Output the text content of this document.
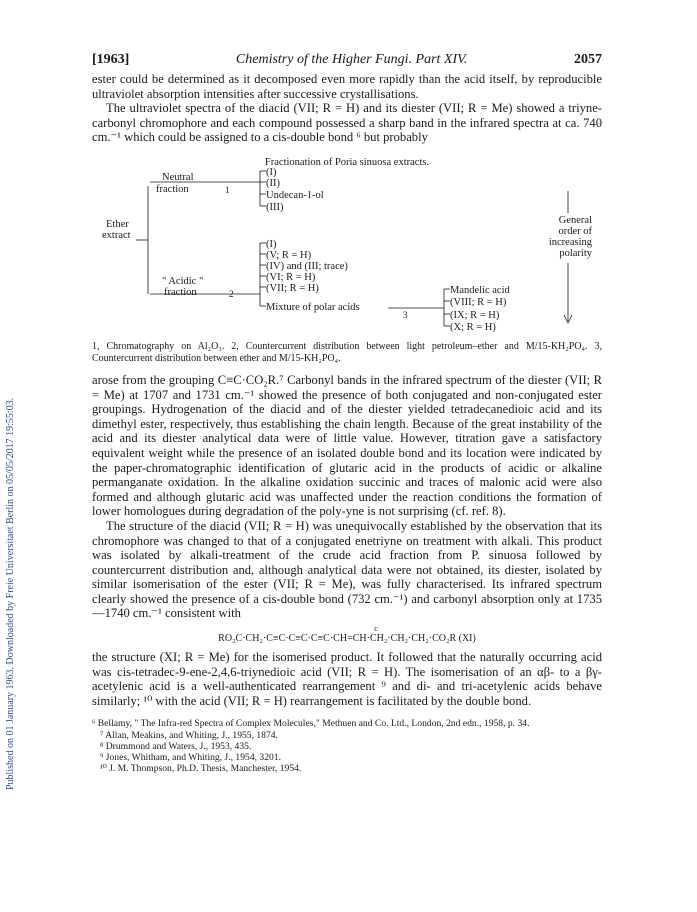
Published on 01 January 1963. Downloaded by Freie Universitaet Berlin on 05/05/2017 19:55:03.
[1963]	Chemistry of the Higher Fungi. Part XIV.	2057

ester could be determined as it decomposed even more rapidly than the acid itself, by reproducible ultraviolet absorption intensities after successive crystallisations.

The ultraviolet spectra of the diacid (VII; R = H) and its diester (VII; R = Me) showed a triyne-carbonyl chromophore and each compound possessed a sharp band in the infrared spectra at ca. 740 cm.⁻¹ which could be assigned to a cis-double bond ⁶ but probably

Fractionation of Poria sinuosa extracts.
Ether
extract
Neutral
fraction	1
(I)
(II)
Undecan-1-ol
(III)
" Acidic "
fraction	2
(I)
(V; R = H)
(IV) and (III; trace)
(VI; R = H)
(VII; R = H)
Mixture of polar acids
3
Mandelic acid
(VIII; R = H)
(IX; R = H)
(X; R = H)
General
order of
increasing
polarity

1, Chromatography on Al₂O₃. 2, Countercurrent distribution between light petroleum–ether and M/15-KH₂PO₄. 3, Countercurrent distribution between ether and M/15-KH₂PO₄.

arose from the grouping C≡C·CO₂R.⁷ Carbonyl bands in the infrared spectrum of the diester (VII; R = Me) at 1707 and 1731 cm.⁻¹ showed the presence of both conjugated and non-conjugated ester groupings. Hydrogenation of the diacid and of the diester yielded tetradecanedioic acid and its dimethyl ester, respectively, thus establishing the chain length. Because of the great instability of the acid and its diester analytical data were of little value. However, titration gave a satisfactory equivalent weight while the presence of an isolated double bond and its location were indicated by the paper-chromatographic identification of glutaric acid in the products of acidic or alkaline permanganate oxidation. In the alkaline oxidation succinic and traces of malonic acid were also formed and although glutaric acid was unaffected under the reaction conditions the formation of lower homologues during degradation of the poly-yne is not surprising (cf. ref. 8).

The structure of the diacid (VII; R = H) was unequivocally established by the observation that its chromophore was changed to that of a conjugated enetriyne on treatment with alkali. This product was isolated by alkali-treatment of the crude acid fraction from P. sinuosa followed by countercurrent distribution and, although analytical data were not obtained, its diester, isolated by similar isomerisation of the ester (VII; R = Me), was fully characterised. Its infrared spectrum clearly showed the presence of a cis-double bond (732 cm.⁻¹) and carbonyl absorption only at 1735—1740 cm.⁻¹ consistent with

c
RO₂C·CH₂·C≡C·C≡C·C≡C·CH=CH·CH₂·CH₂·CH₂·CO₂R (XI)

the structure (XI; R = Me) for the isomerised product. It followed that the naturally occurring acid was cis-tetradec-9-ene-2,4,6-triynedioic acid (VII; R = H). The isomerisation of an αβ- to a βγ-acetylenic acid is a well-authenticated rearrangement ⁹ and di- and tri-acetylenic acids behave similarly; ¹⁰ with the acid (VII; R = H) rearrangement is facilitated by the double bond.

⁶ Bellamy, " The Infra-red Spectra of Complex Molecules," Methuen and Co. Ltd., London, 2nd edn., 1958, p. 34.
⁷ Allan, Meakins, and Whiting, J., 1955, 1874.
⁸ Drummond and Waters, J., 1953, 435.
⁹ Jones, Whitham, and Whiting, J., 1954, 3201.
¹⁰ J. M. Thompson, Ph.D. Thesis, Manchester, 1954.
